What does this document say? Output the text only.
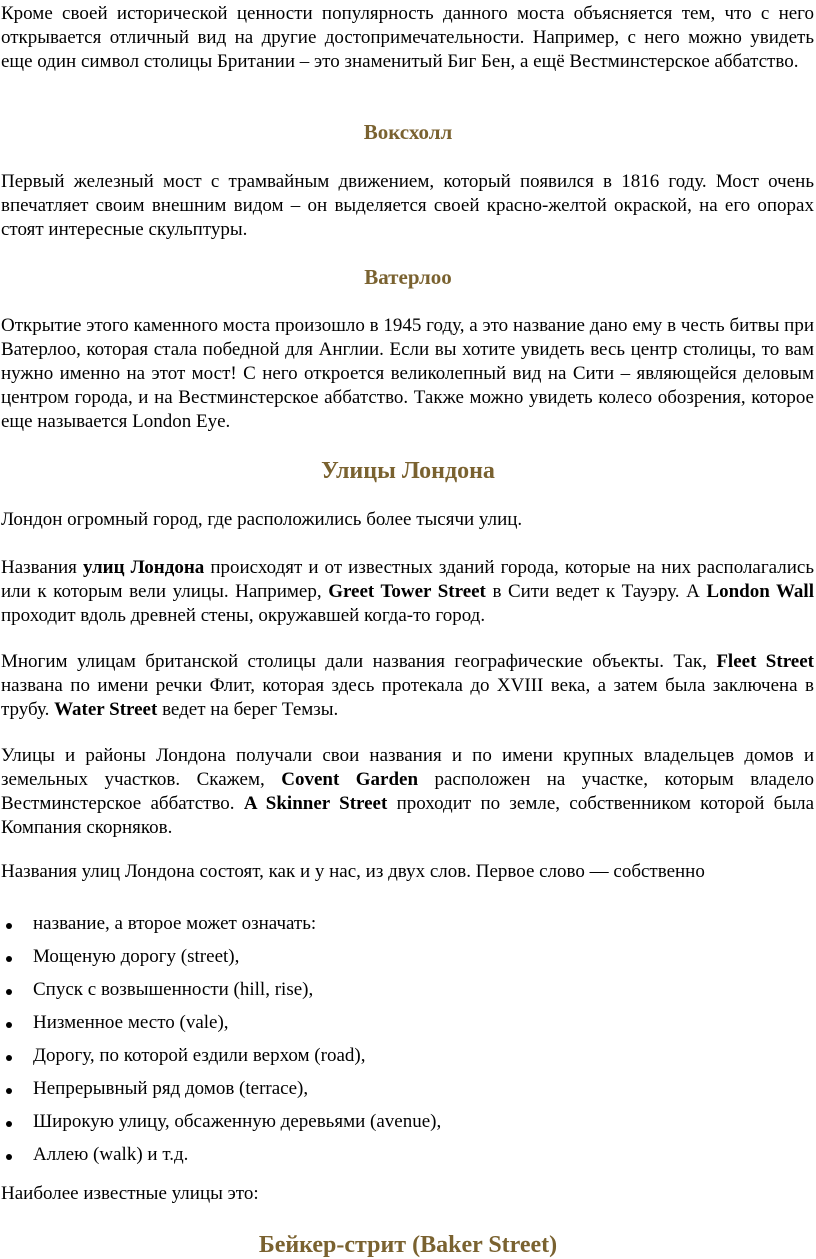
Кроме своей исторической ценности популярность данного моста объясняется тем, что с него открывается отличный вид на другие достопримечательности. Например, с него можно увидеть еще один символ столицы Британии – это знаменитый Биг Бен, а ещё Вестминстерское аббатство.

Воксхолл

Первый железный мост с трамвайным движением, который появился в 1816 году. Мост очень впечатляет своим внешним видом – он выделяется своей красно-желтой окраской, на его опорах стоят интересные скульптуры.

Ватерлоо

Открытие этого каменного моста произошло в 1945 году, а это название дано ему в честь битвы при Ватерлоо, которая стала победной для Англии. Если вы хотите увидеть весь центр столицы, то вам нужно именно на этот мост! С него откроется великолепный вид на Сити – являющейся деловым центром города, и на Вестминстерское аббатство. Также можно увидеть колесо обозрения, которое еще называется London Eye.

Улицы Лондона

Лондон огромный город, где расположились более тысячи улиц.

Названия улиц Лондона происходят и от известных зданий города, которые на них располагались или к которым вели улицы. Например, Greet Tower Street в Сити ведет к Тауэру. А London Wall проходит вдоль древней стены, окружавшей когда-то город.

Многим улицам британской столицы дали названия географические объекты. Так, Fleet Street названа по имени речки Флит, которая здесь протекала до XVIII века, а затем была заключена в трубу. Water Street ведет на берег Темзы.

Улицы и районы Лондона получали свои названия и по имени крупных владельцев домов и земельных участков. Скажем, Covent Garden расположен на участке, которым владело Вестминстерское аббатство. A Skinner Street проходит по земле, собственником которой была Компания скорняков.

Названия улиц Лондона состоят, как и у нас, из двух слов. Первое слово — собственно

название, а второе может означать:
Мощеную дорогу (street),
Спуск с возвышенности (hill, rise),
Низменное место (vale),
Дорогу, по которой ездили верхом (road),
Непрерывный ряд домов (terrace),
Широкую улицу, обсаженную деревьями (avenue),
Аллею (walk) и т.д.

Наиболее известные улицы это:

Бейкер-стрит (Baker Street)
